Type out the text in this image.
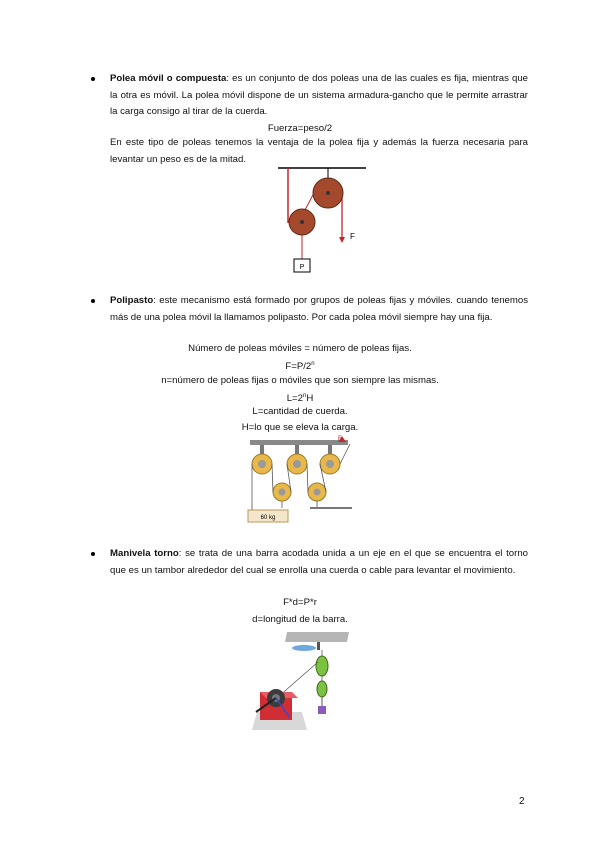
Polea móvil o compuesta: es un conjunto de dos poleas una de las cuales es fija, mientras que la otra es móvil. La polea móvil dispone de un sistema armadura-gancho que le permite arrastrar la carga consigo al tirar de la cuerda.

Fuerza=peso/2

En este tipo de poleas tenemos la ventaja de la polea fija y además la fuerza necesaria para levantar un peso es de la mitad.

P
F

Polipasto: este mecanismo está formado por grupos de poleas fijas y móviles. cuando tenemos más de una polea móvil la llamamos polipasto. Por cada polea móvil siempre hay una fija.

Número de poleas móviles = número de poleas fijas.

$F=P/2^n$

n=número de poleas fijas o móviles que son siempre las mismas.

$L=2^nH$

L=cantidad de cuerda.

H=lo que se eleva la carga.

F
60 kg

Manivela torno: se trata de una barra acodada unida a un eje en el que se encuentra el torno que es un tambor alrededor del cual se enrolla una cuerda o cable para levantar el movimiento.

F*d=P*r

d=longitud de la barra.

2
